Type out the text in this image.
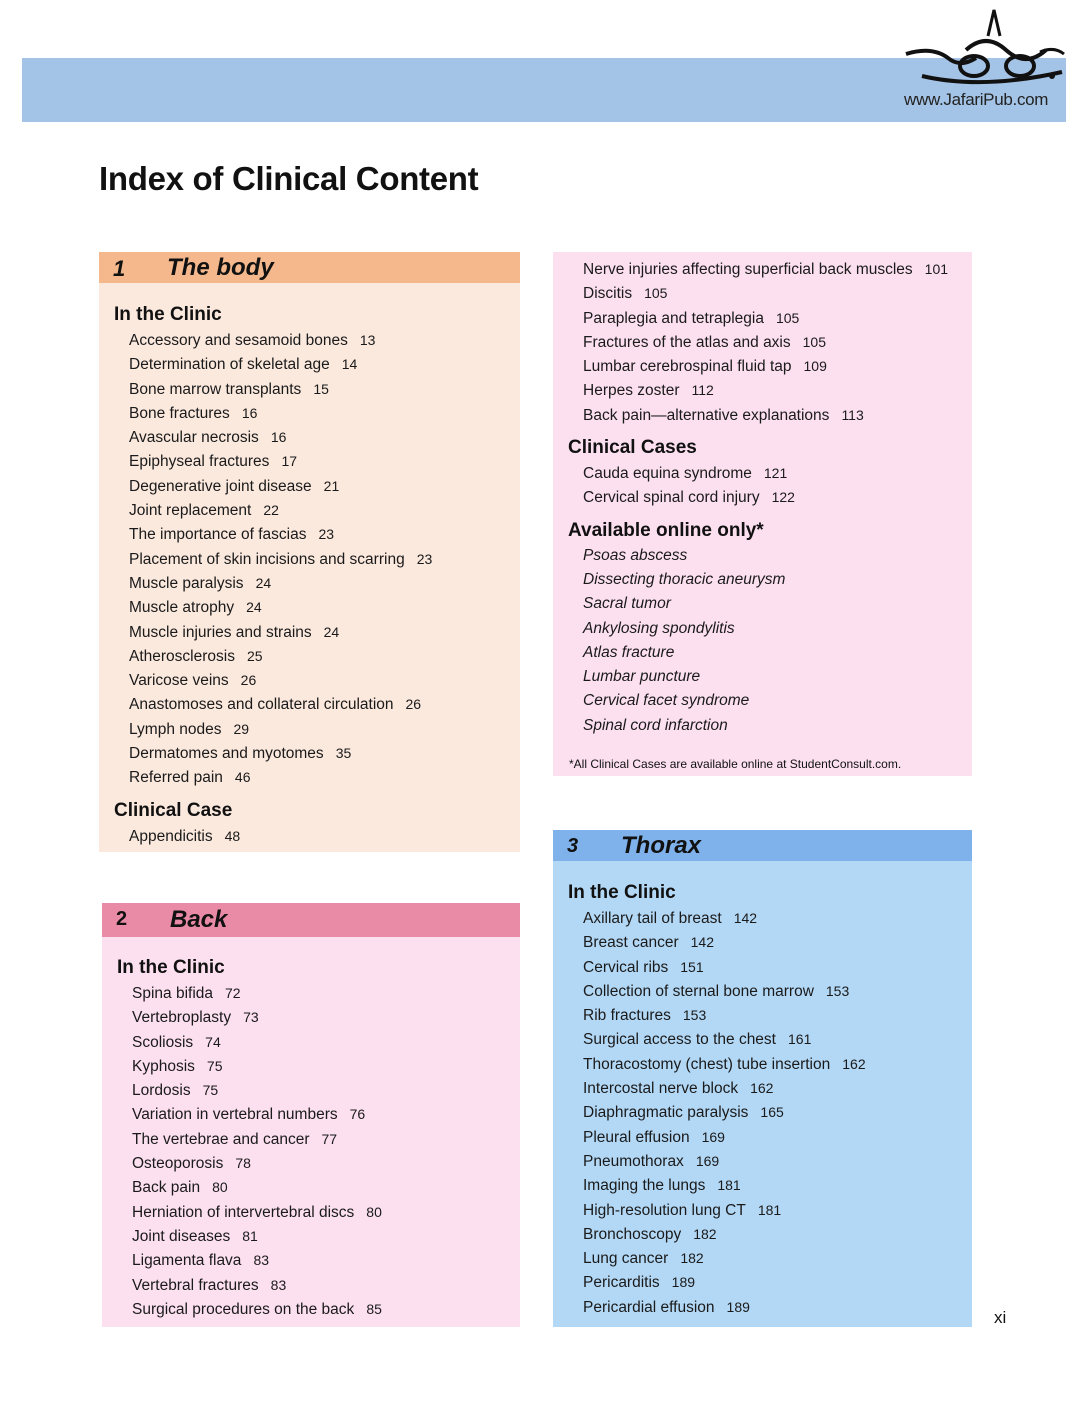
www.JafariPub.com
Index of Clinical Content
1 The body
In the Clinic
Accessory and sesamoid bones 13
Determination of skeletal age 14
Bone marrow transplants 15
Bone fractures 16
Avascular necrosis 16
Epiphyseal fractures 17
Degenerative joint disease 21
Joint replacement 22
The importance of fascias 23
Placement of skin incisions and scarring 23
Muscle paralysis 24
Muscle atrophy 24
Muscle injuries and strains 24
Atherosclerosis 25
Varicose veins 26
Anastomoses and collateral circulation 26
Lymph nodes 29
Dermatomes and myotomes 35
Referred pain 46
Clinical Case
Appendicitis 48
2 Back
In the Clinic
Spina bifida 72
Vertebroplasty 73
Scoliosis 74
Kyphosis 75
Lordosis 75
Variation in vertebral numbers 76
The vertebrae and cancer 77
Osteoporosis 78
Back pain 80
Herniation of intervertebral discs 80
Joint diseases 81
Ligamenta flava 83
Vertebral fractures 83
Surgical procedures on the back 85
Nerve injuries affecting superficial back muscles 101
Discitis 105
Paraplegia and tetraplegia 105
Fractures of the atlas and axis 105
Lumbar cerebrospinal fluid tap 109
Herpes zoster 112
Back pain—alternative explanations 113
Clinical Cases
Cauda equina syndrome 121
Cervical spinal cord injury 122
Available online only*
Psoas abscess
Dissecting thoracic aneurysm
Sacral tumor
Ankylosing spondylitis
Atlas fracture
Lumbar puncture
Cervical facet syndrome
Spinal cord infarction
*All Clinical Cases are available online at StudentConsult.com.
3 Thorax
In the Clinic
Axillary tail of breast 142
Breast cancer 142
Cervical ribs 151
Collection of sternal bone marrow 153
Rib fractures 153
Surgical access to the chest 161
Thoracostomy (chest) tube insertion 162
Intercostal nerve block 162
Diaphragmatic paralysis 165
Pleural effusion 169
Pneumothorax 169
Imaging the lungs 181
High-resolution lung CT 181
Bronchoscopy 182
Lung cancer 182
Pericarditis 189
Pericardial effusion 189
xi
